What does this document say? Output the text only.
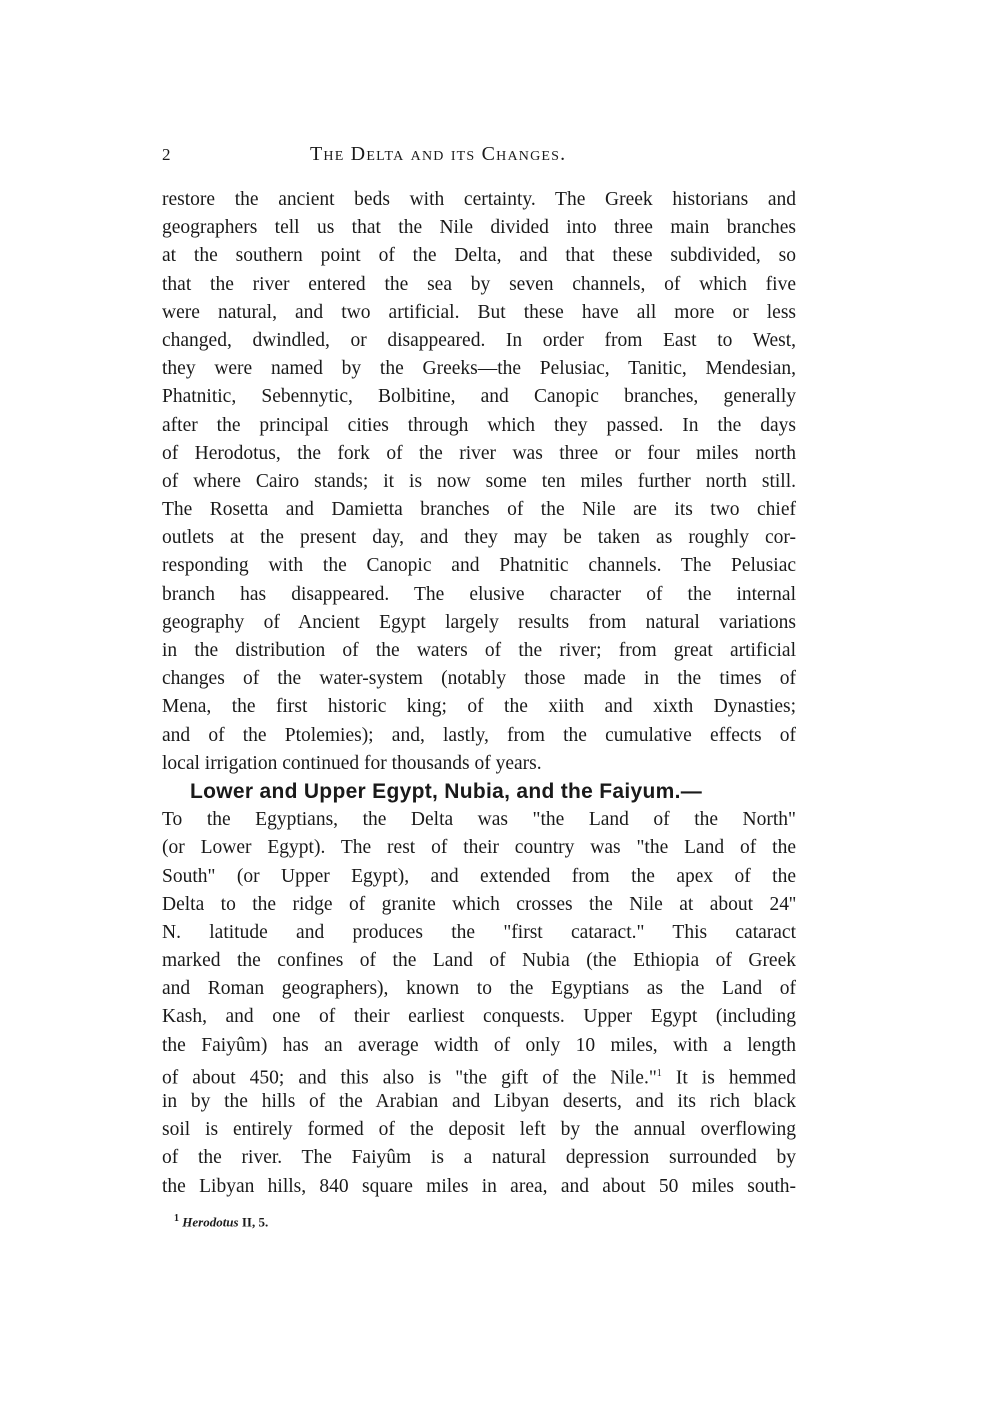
2	The Delta and its Changes.
restore the ancient beds with certainty. The Greek historians and
geographers tell us that the Nile divided into three main branches
at the southern point of the Delta, and that these subdivided, so
that the river entered the sea by seven channels, of which five
were natural, and two artificial. But these have all more or less
changed, dwindled, or disappeared. In order from East to West,
they were named by the Greeks—the Pelusiac, Tanitic, Mendesian,
Phatnitic, Sebennytic, Bolbitine, and Canopic branches, generally
after the principal cities through which they passed. In the days
of Herodotus, the fork of the river was three or four miles north
of where Cairo stands; it is now some ten miles further north still.
The Rosetta and Damietta branches of the Nile are its two chief
outlets at the present day, and they may be taken as roughly cor-
responding with the Canopic and Phatnitic channels. The Pelusiac
branch has disappeared. The elusive character of the internal
geography of Ancient Egypt largely results from natural variations
in the distribution of the waters of the river; from great artificial
changes of the water-system (notably those made in the times of
Mena, the first historic king; of the xiith and xixth Dynasties;
and of the Ptolemies); and, lastly, from the cumulative effects of
local irrigation continued for thousands of years.
Lower and Upper Egypt, Nubia, and the Faiyum.—
To the Egyptians, the Delta was "the Land of the North"
(or Lower Egypt). The rest of their country was "the Land of the
South" (or Upper Egypt), and extended from the apex of the
Delta to the ridge of granite which crosses the Nile at about 24''
N. latitude and produces the "first cataract." This cataract
marked the confines of the Land of Nubia (the Ethiopia of Greek
and Roman geographers), known to the Egyptians as the Land of
Kash, and one of their earliest conquests. Upper Egypt (including
the Faiyûm) has an average width of only 10 miles, with a length
of about 450; and this also is "the gift of the Nile."$^1$ It is hemmed
in by the hills of the Arabian and Libyan deserts, and its rich black
soil is entirely formed of the deposit left by the annual overflowing
of the river. The Faiyûm is a natural depression surrounded by
the Libyan hills, 840 square miles in area, and about 50 miles south-
$^1$ Herodotus II, 5.
